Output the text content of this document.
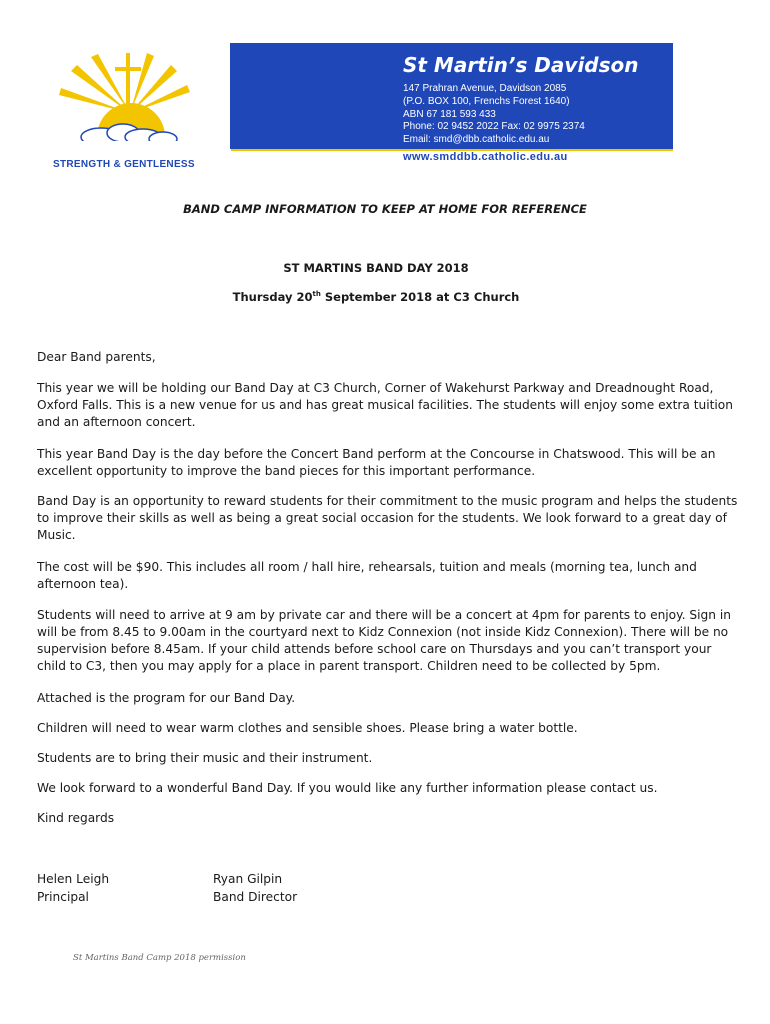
STRENGTH & GENTLENESS
St Martin’s Davidson
147 Prahran Avenue, Davidson 2085
(P.O. BOX 100, Frenchs Forest 1640)
ABN 67 181 593 433
Phone: 02 9452 2022 Fax: 02 9975 2374
Email: smd@dbb.catholic.edu.au
www.smddbb.catholic.edu.au
BAND CAMP INFORMATION TO KEEP AT HOME FOR REFERENCE
ST MARTINS BAND DAY 2018
Thursday 20th September 2018 at C3 Church
Dear Band parents,
This year we will be holding our Band Day at C3 Church, Corner of Wakehurst Parkway and Dreadnought Road, Oxford Falls. This is a new venue for us and has great musical facilities. The students will enjoy some extra tuition and an afternoon concert.
This year Band Day is the day before the Concert Band perform at the Concourse in Chatswood. This will be an excellent opportunity to improve the band pieces for this important performance.
Band Day is an opportunity to reward students for their commitment to the music program and helps the students to improve their skills as well as being a great social occasion for the students. We look forward to a great day of Music.
The cost will be $90. This includes all room / hall hire, rehearsals, tuition and meals (morning tea, lunch and afternoon tea).
Students will need to arrive at 9 am by private car and there will be a concert at 4pm for parents to enjoy. Sign in will be from 8.45 to 9.00am in the courtyard next to Kidz Connexion (not inside Kidz Connexion). There will be no supervision before 8.45am. If your child attends before school care on Thursdays and you can’t transport your child to C3, then you may apply for a place in parent transport. Children need to be collected by 5pm.
Attached is the program for our Band Day.
Children will need to wear warm clothes and sensible shoes. Please bring a water bottle.
Students are to bring their music and their instrument.
We look forward to a wonderful Band Day. If you would like any further information please contact us.
Kind regards
Helen Leigh
Principal
Ryan Gilpin
Band Director
St Martins Band Camp 2018 permission
